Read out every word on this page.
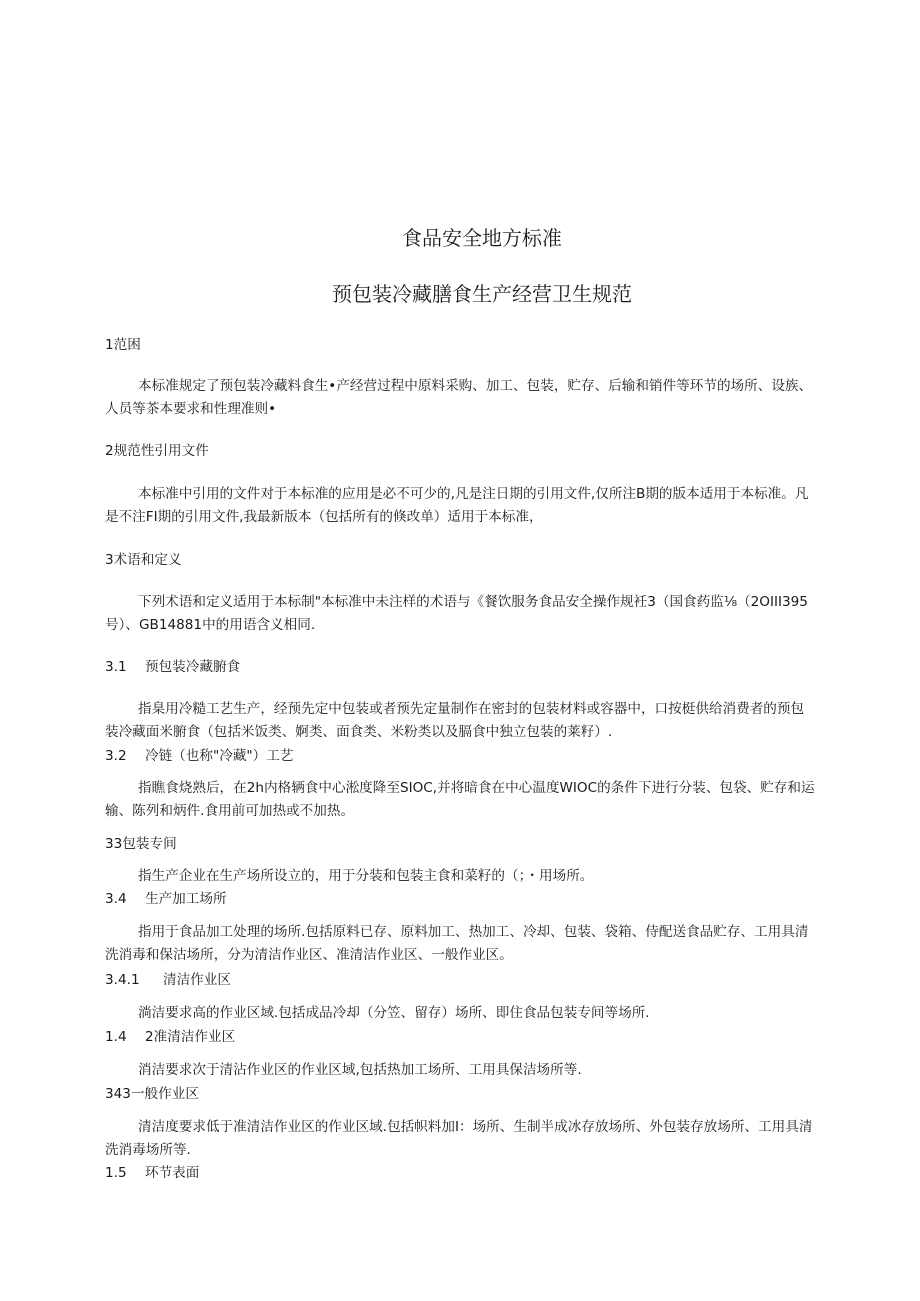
食品安全地方标准
预包装冷藏膳食生产经营卫生规范
1范困
本标准规定了预包装冷藏料食生•产经营过程中原料采购、加工、包装，贮存、后输和销件等环节的场所、设族、
人员等茶本要求和性理准则•
2规范性引用文件
本标准中引用的文件对于本标准的应用是必不可少的,凡是注日期的引用文件,仅所注B期的版本适用于本标准。凡
是不注FI期的引用文件,我最新版本（包括所有的倏改单）适用于本标准，
3术语和定义
下列术语和定义适用于本标制"本标准中未注样的术语与《餐饮服务食品安全操作规衽3（国食药监⅛（2OIII395
号）、GB14881中的用语含义相同.
3.1 预包装冷藏腑食
指臬用冷糙工艺生产，经预先定中包装或者预先定量制作在密封的包装材料或容器中，口按梃供给消费者的预包
装冷藏面米腑食（包括米饭类、婀类、面食类、米粉类以及膈食中独立包装的莱籽）.
3.2 冷链（也称"冷藏"）工艺
指瞧食烧熟后，在2h内格辆食中心淞度降至SIOC,并将暗食在中心温度WIOC的条件下进行分装、包袋、贮存和运
输、陈列和炳件.食用前可加热或不加热。
33包装专间
指生产企业在生产场所设立的，用于分装和包装主食和菜籽的（；・用场所。
3.4 生产加工场所
指用于食品加工处理的场所.包括原料已存、原料加工、热加工、冷却、包装、袋箱、侍配送食品贮存、工用具清
洗消毒和保沽场所，分为清洁作业区、准清洁作业区、一般作业区。
3.4.1 清洁作业区
淌洁要求高的作业区域.包括成品冷却（分笠、留存）场所、即住食品包装专间等场所.
1.4 2准清洁作业区
消洁要求次于清沾作业区的作业区域,包括热加工场所、工用具保洁场所等.
343一般作业区
清洁度要求低于准清洁作业区的作业区域.包括帜料加I：场所、生制半成冰存放场所、外包装存放场所、工用具清
洗消毒场所等.
1.5 环节表面
